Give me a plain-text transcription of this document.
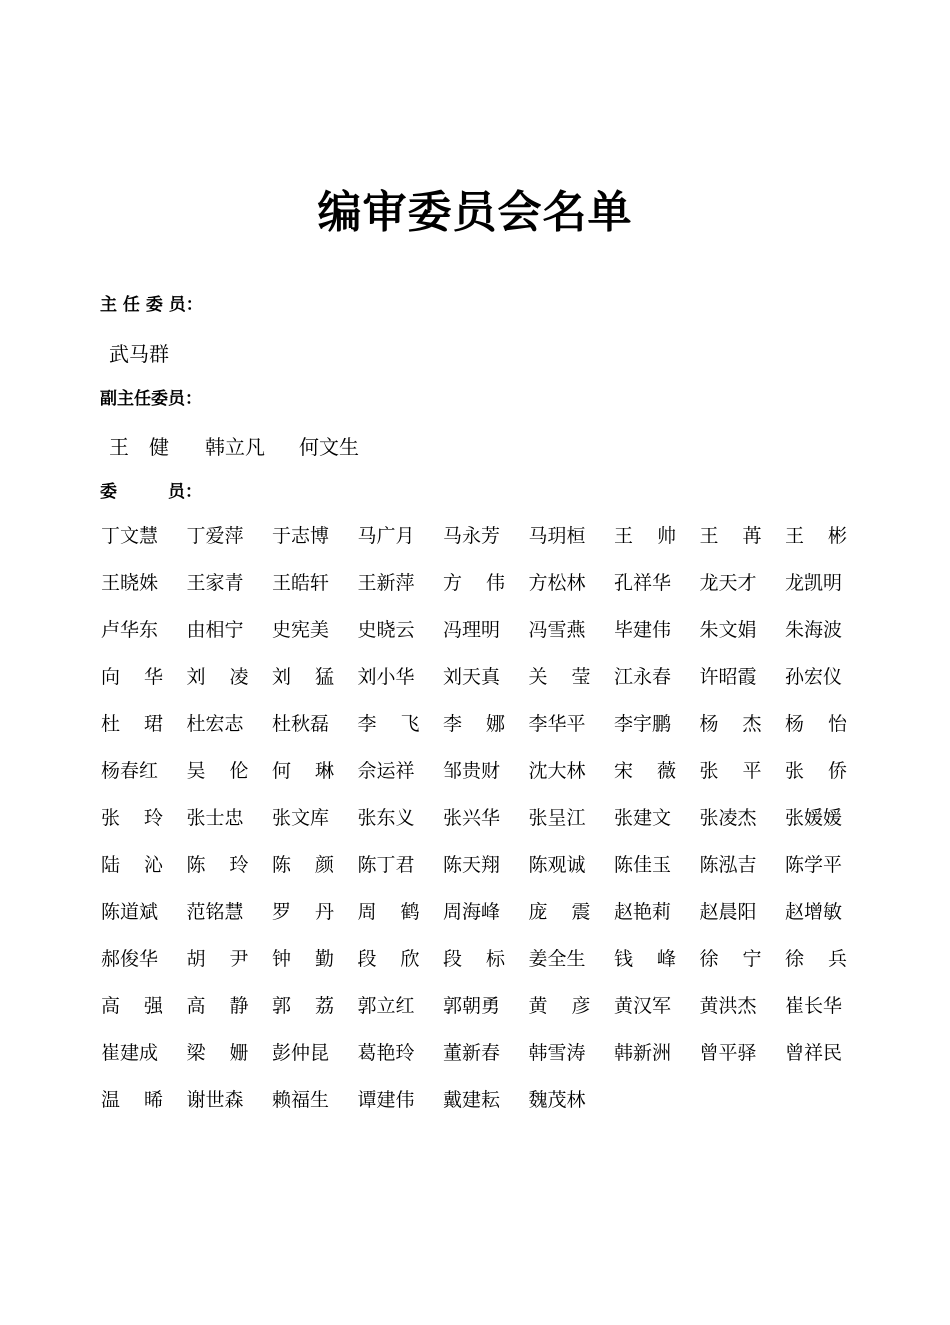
编审委员会名单
主 任 委 员：
武马群
副主任委员：
王　健 韩立凡 何文生
委　　　员：
丁文慧 丁爱萍 于志博 马广月 马永芳 马玥桓 王 帅 王 苒 王 彬
王晓姝 王家青 王皓轩 王新萍 方 伟 方松林 孔祥华 龙天才 龙凯明
卢华东 由相宁 史宪美 史晓云 冯理明 冯雪燕 毕建伟 朱文娟 朱海波
向 华 刘 凌 刘 猛 刘小华 刘天真 关 莹 江永春 许昭霞 孙宏仪
杜 珺 杜宏志 杜秋磊 李 飞 李 娜 李华平 李宇鹏 杨 杰 杨 怡
杨春红 吴 伦 何 琳 佘运祥 邹贵财 沈大林 宋 薇 张 平 张 侨
张 玲 张士忠 张文库 张东义 张兴华 张呈江 张建文 张凌杰 张媛媛
陆 沁 陈 玲 陈 颜 陈丁君 陈天翔 陈观诚 陈佳玉 陈泓吉 陈学平
陈道斌 范铭慧 罗 丹 周 鹤 周海峰 庞 震 赵艳莉 赵晨阳 赵增敏
郝俊华 胡 尹 钟 勤 段 欣 段 标 姜全生 钱 峰 徐 宁 徐 兵
高 强 高 静 郭 荔 郭立红 郭朝勇 黄 彦 黄汉军 黄洪杰 崔长华
崔建成 梁 姗 彭仲昆 葛艳玲 董新春 韩雪涛 韩新洲 曾平驿 曾祥民
温 晞 谢世森 赖福生 谭建伟 戴建耘 魏茂林
